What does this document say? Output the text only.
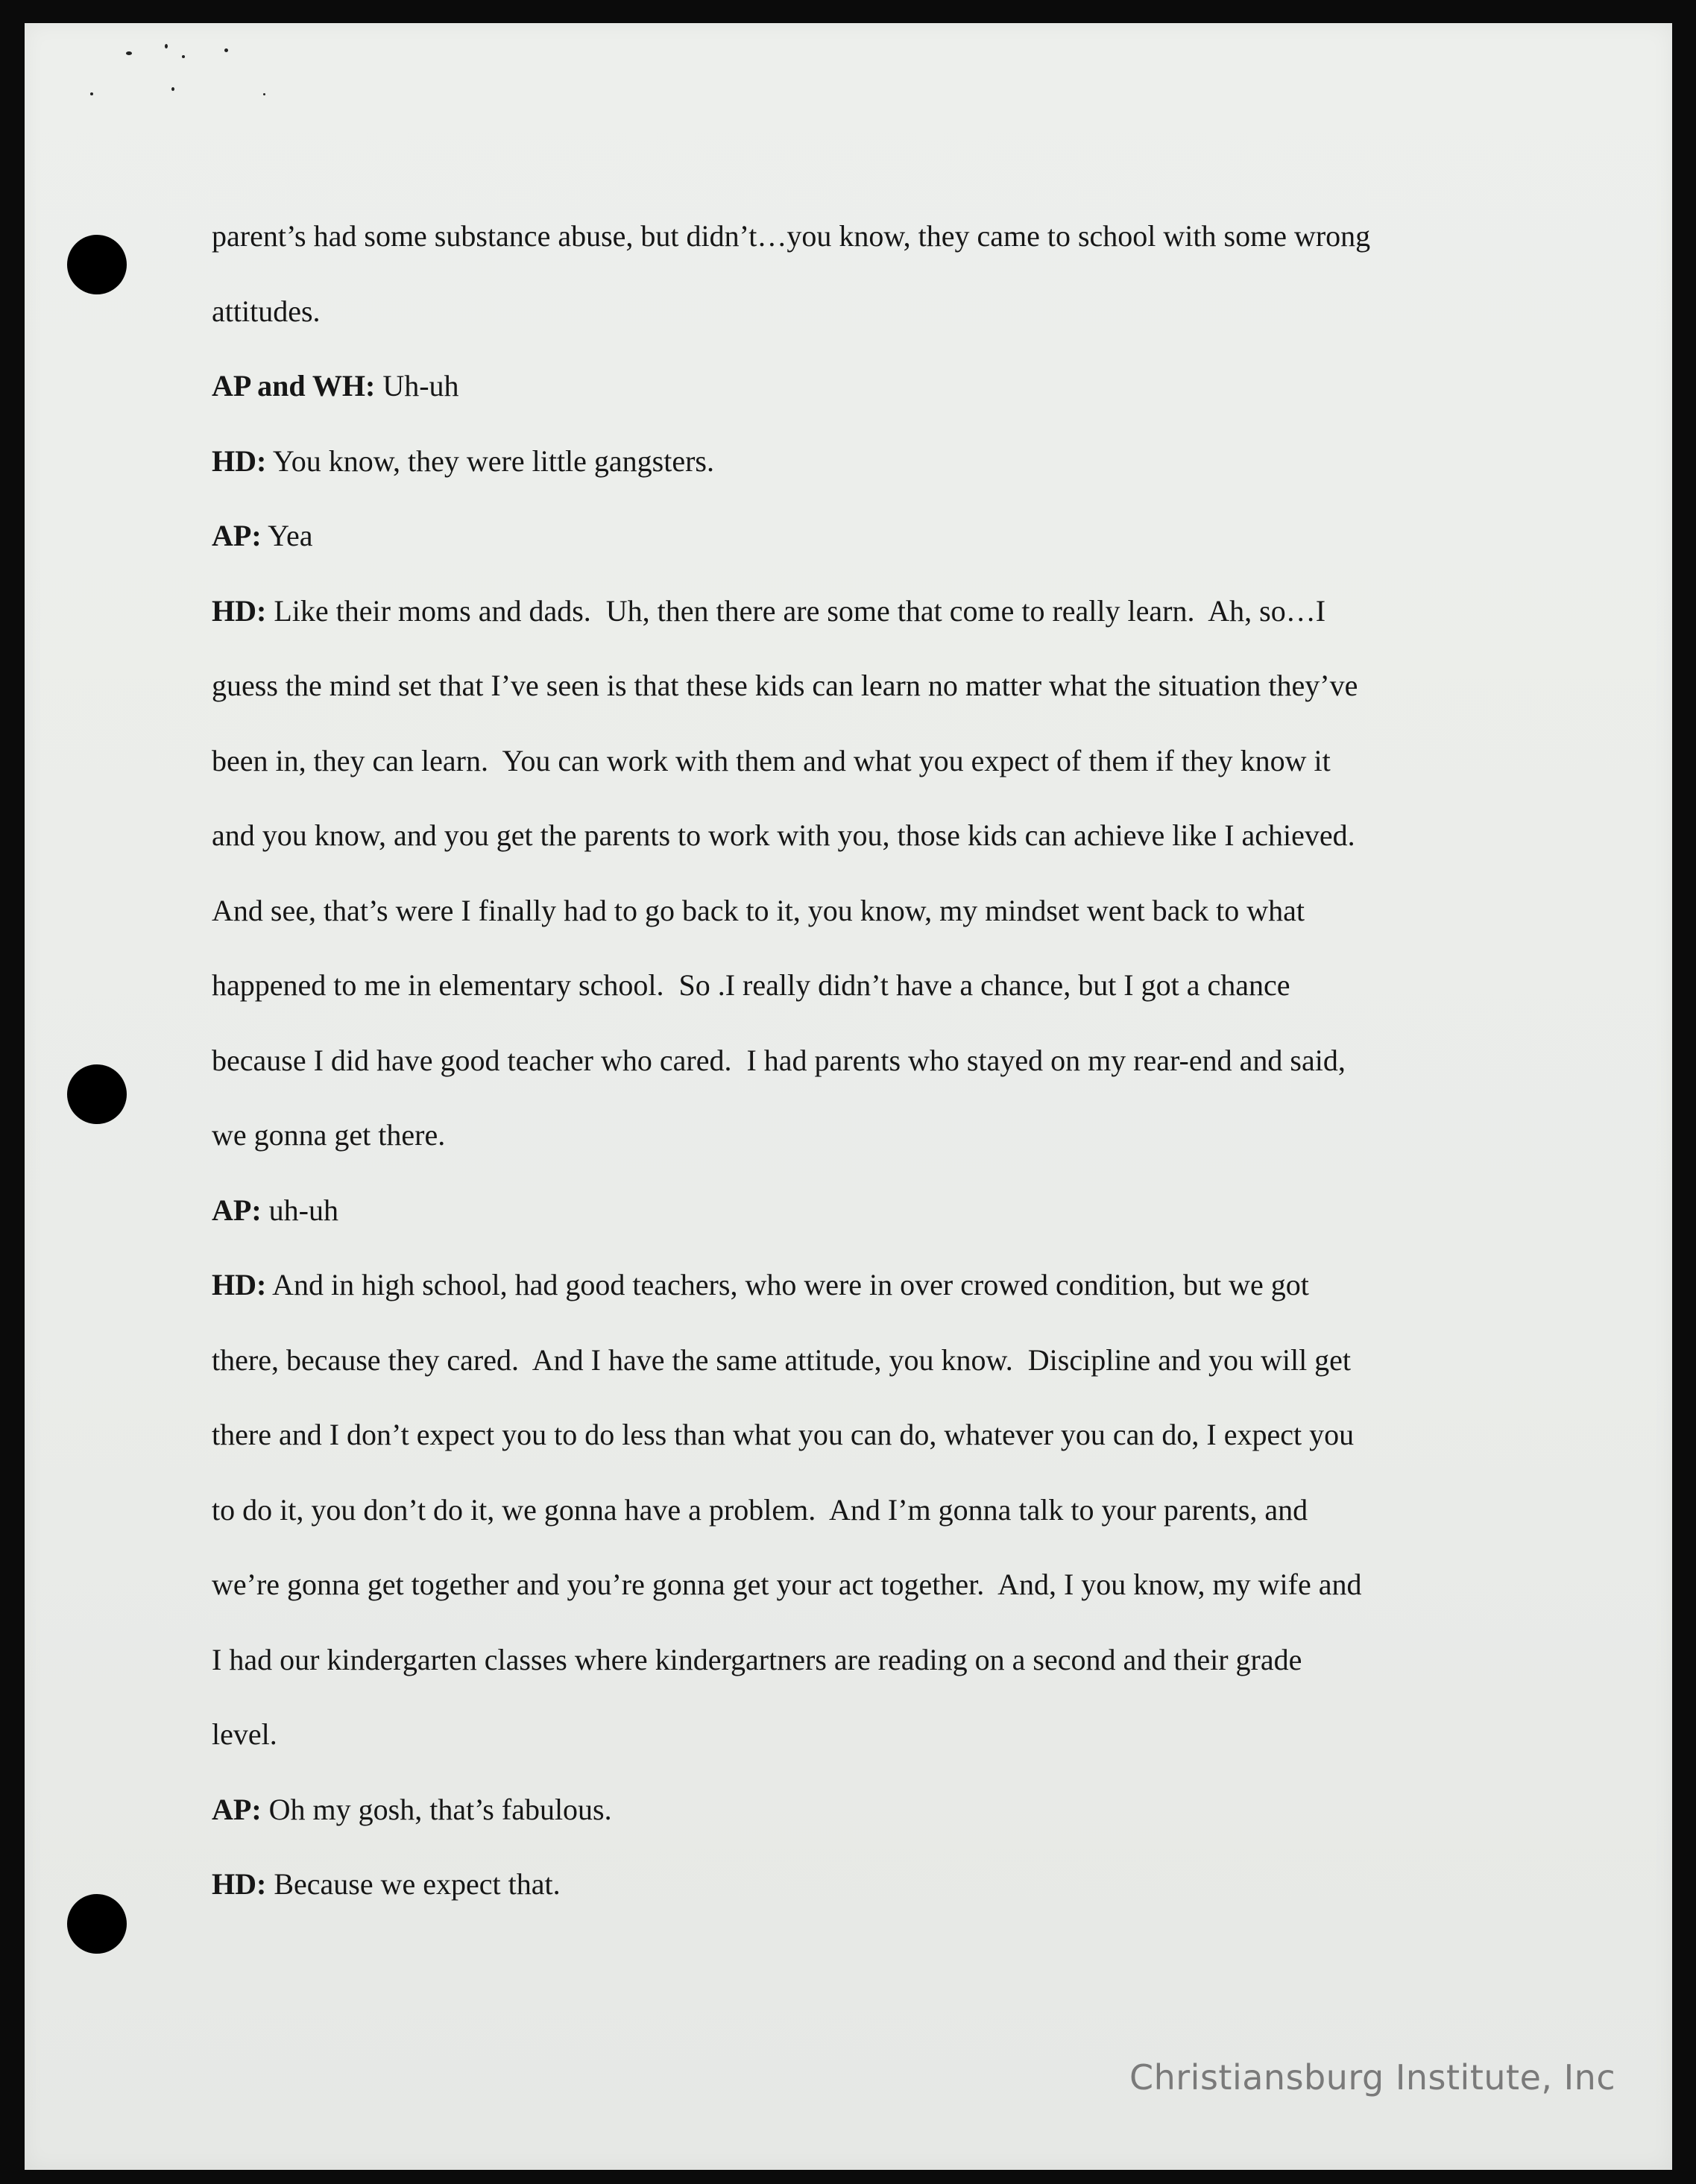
parent’s had some substance abuse, but didn’t…you know, they came to school with some wrong
attitudes.
AP and WH: Uh-uh
HD: You know, they were little gangsters.
AP: Yea
HD: Like their moms and dads.  Uh, then there are some that come to really learn.  Ah, so…I
guess the mind set that I’ve seen is that these kids can learn no matter what the situation they’ve
been in, they can learn.  You can work with them and what you expect of them if they know it
and you know, and you get the parents to work with you, those kids can achieve like I achieved.
And see, that’s were I finally had to go back to it, you know, my mindset went back to what
happened to me in elementary school.  So .I really didn’t have a chance, but I got a chance
because I did have good teacher who cared.  I had parents who stayed on my rear-end and said,
we gonna get there.
AP: uh-uh
HD: And in high school, had good teachers, who were in over crowed condition, but we got
there, because they cared.  And I have the same attitude, you know.  Discipline and you will get
there and I don’t expect you to do less than what you can do, whatever you can do, I expect you
to do it, you don’t do it, we gonna have a problem.  And I’m gonna talk to your parents, and
we’re gonna get together and you’re gonna get your act together.  And, I you know, my wife and
I had our kindergarten classes where kindergartners are reading on a second and their grade
level.
AP: Oh my gosh, that’s fabulous.
HD: Because we expect that.
Christiansburg Institute, Inc
